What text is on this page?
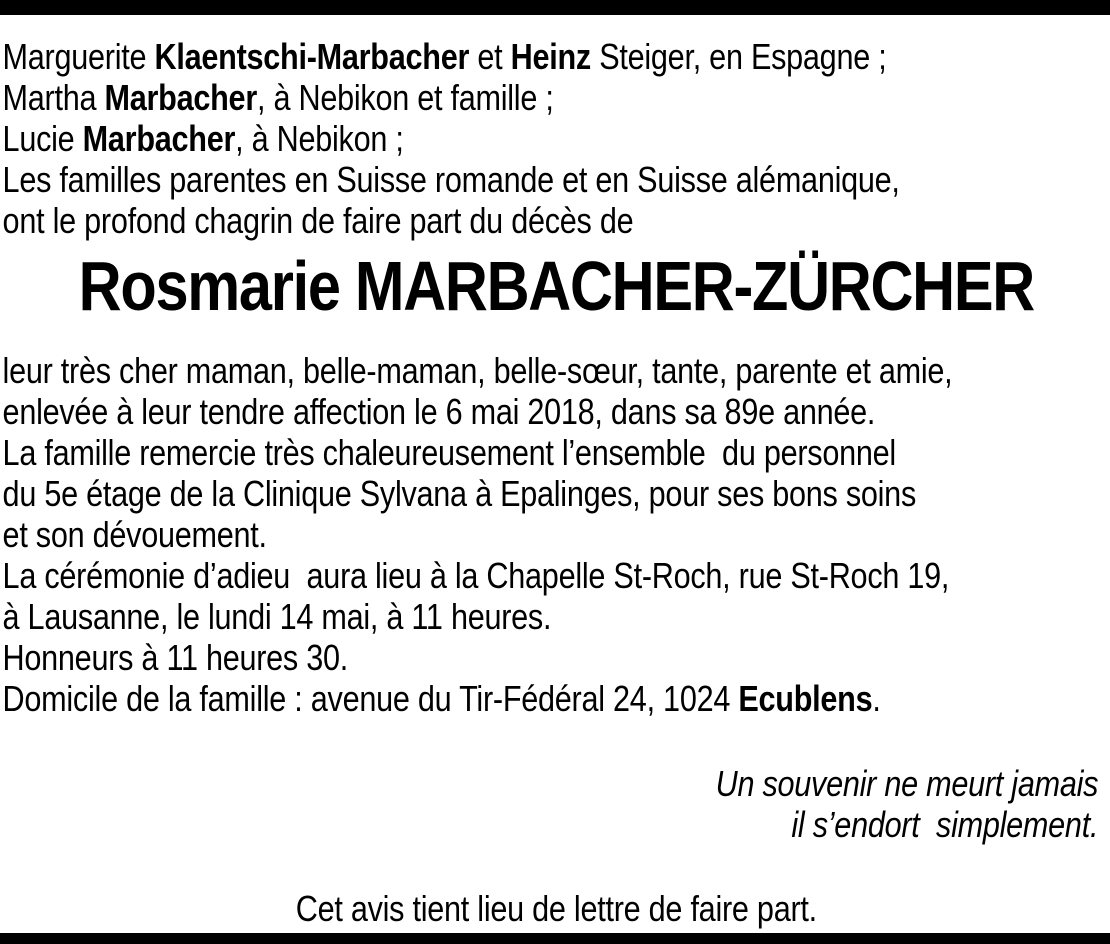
Marguerite Klaentschi-Marbacher et Heinz Steiger, en Espagne ;

Martha Marbacher, à Nebikon et famille ;

Lucie Marbacher, à Nebikon ;

Les familles parentes en Suisse romande et en Suisse alémanique,

ont le profond chagrin de faire part du décès de

Rosmarie MARBACHER-ZÜRCHER

leur très cher maman, belle-maman, belle-sœur, tante, parente et amie,

enlevée à leur tendre affection le 6 mai 2018, dans sa 89e année.

La famille remercie très chaleureusement l’ensemble  du personnel

du 5e étage de la Clinique Sylvana à Epalinges, pour ses bons soins

et son dévouement.

La cérémonie d’adieu  aura lieu à la Chapelle St-Roch, rue St-Roch 19,

à Lausanne, le lundi 14 mai, à 11 heures.

Honneurs à 11 heures 30.

Domicile de la famille : avenue du Tir-Fédéral 24, 1024 Ecublens.

Un souvenir ne meurt jamais

il s’endort  simplement.

Cet avis tient lieu de lettre de faire part.
